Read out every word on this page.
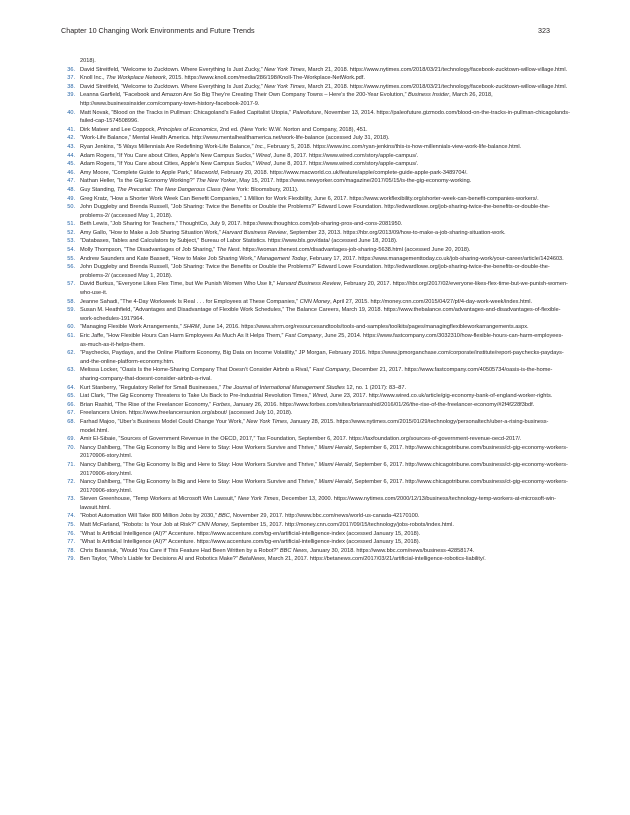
Chapter 10 Changing Work Environments and Future Trends	323
2018).
36. David Streitfeld, “Welcome to Zucktown. Where Everything Is Just Zucky,” New York Times, March 21, 2018. https://www.nytimes.com/2018/03/21/technology/facebook-zucktown-willow-village.html.
37. Knoll Inc., The Workplace Network, 2015. https://www.knoll.com/media/286/198/Knoll-The-Workplace-NetWork.pdf.
38. David Streitfeld, “Welcome to Zucktown. Where Everything Is Just Zucky,” New York Times, March 21, 2018. https://www.nytimes.com/2018/03/21/technology/facebook-zucktown-willow-village.html.
39. Leanna Garfield, “Facebook and Amazon Are So Big They’re Creating Their Own Company Towns – Here’s the 200-Year Evolution,” Business Insider, March 26, 2018, http://www.businessinsider.com/company-town-history-facebook-2017-9.
40. Matt Novak, “Blood on the Tracks in Pullman: Chicagoland’s Failed Capitalist Utopia,” Paleofuture, November 13, 2014. https://paleofuture.gizmodo.com/blood-on-the-tracks-in-pullman-chicagolands-failed-cap-1574508996.
41. Dirk Mateer and Lee Coppock, Principles of Economics, 2nd ed. (New York: W.W. Norton and Company, 2018), 451.
42. “Work-Life Balance,” Mental Health America. http://www.mentalhealthamerica.net/work-life-balance (accessed July 31, 2018).
43. Ryan Jenkins, “5 Ways Millennials Are Redefining Work-Life Balance,” Inc., February 5, 2018. https://www.inc.com/ryan-jenkins/this-is-how-millennials-view-work-life-balance.html.
44. Adam Rogers, “If You Care about Cities, Apple’s New Campus Sucks,” Wired, June 8, 2017. https://www.wired.com/story/apple-campus/.
45. Adam Rogers, “If You Care about Cities, Apple’s New Campus Sucks,” Wired, June 8, 2017. https://www.wired.com/story/apple-campus/.
46. Amy Moore, “Complete Guide to Apple Park,” Macworld, February 20, 2018. https://www.macworld.co.uk/feature/apple/complete-guide-apple-park-3489704/.
47. Nathan Heller, “Is the Gig Economy Working?” The New Yorker, May 15, 2017. https://www.newyorker.com/magazine/2017/05/15/is-the-gig-economy-working.
48. Guy Standing, The Precariat: The New Dangerous Class (New York: Bloomsbury, 2011).
49. Greg Kratz, “How a Shorter Work Week Can Benefit Companies,” 1 Million for Work Flexibility, June 6, 2017. https://www.workflexibility.org/shorter-week-can-benefit-companies-workers/.
50. John Duggleby and Brenda Russell, “Job Sharing: Twice the Benefits or Double the Problems?” Edward Lowe Foundation. http://edwardlowe.org/job-sharing-twice-the-benefits-or-double-the-problems-2/ (accessed May 1, 2018).
51. Beth Lewis, “Job Sharing for Teachers,” ThoughtCo, July 9, 2017. https://www.thoughtco.com/job-sharing-pros-and-cons-2081950.
52. Amy Gallo, “How to Make a Job Sharing Situation Work,” Harvard Business Review, September 23, 2013. https://hbr.org/2013/09/how-to-make-a-job-sharing-situation-work.
53. “Databases, Tables and Calculators by Subject,” Bureau of Labor Statistics. https://www.bls.gov/data/ (accessed June 18, 2018).
54. Molly Thompson, “The Disadvantages of Job Sharing,” The Nest. https://woman.thenest.com/disadvantages-job-sharing-5638.html (accessed June 20, 2018).
55. Andrew Saunders and Kate Bassett, “How to Make Job Sharing Work,” Management Today, February 17, 2017. https://www.managementtoday.co.uk/job-sharing-work/your-career/article/1424603.
56. John Duggleby and Brenda Russell, “Job Sharing: Twice the Benefits or Double the Problems?” Edward Lowe Foundation. http://edwardlowe.org/job-sharing-twice-the-benefits-or-double-the-problems-2/ (accessed May 1, 2018).
57. David Burkus, “Everyone Likes Flex Time, but We Punish Women Who Use It,” Harvard Business Review, February 20, 2017. https://hbr.org/2017/02/everyone-likes-flex-time-but-we-punish-women-who-use-it.
58. Jeanne Sahadi, “The 4-Day Workweek Is Real . . . for Employees at These Companies,” CNN Money, April 27, 2015. http://money.cnn.com/2015/04/27/pf/4-day-work-week/index.html.
59. Susan M. Heathfield, “Advantages and Disadvantage of Flexible Work Schedules,” The Balance Careers, March 19, 2018. https://www.thebalance.com/advantages-and-disadvantages-of-flexible-work-schedules-1917964.
60. “Managing Flexible Work Arrangements,” SHRM, June 14, 2016. https://www.shrm.org/resourcesandtools/tools-and-samples/toolkits/pages/managingflexibleworkarrangements.aspx.
61. Eric Jaffe, “How Flexible Hours Can Harm Employees As Much As It Helps Them,” Fast Company, June 25, 2014. https://www.fastcompany.com/3032310/how-flexible-hours-can-harm-employees-as-much-as-it-helps-them.
62. “Paychecks, Paydays, and the Online Platform Economy, Big Data on Income Volatility,” JP Morgan, February 2016. https://www.jpmorganchase.com/corporate/institute/report-paychecks-paydays-and-the-online-platform-economy.htm.
63. Melissa Locker, “Oasis Is the Home-Sharing Company That Doesn’t Consider Airbnb a Rival,” Fast Company, December 21, 2017. https://www.fastcompany.com/40505734/oasis-is-the-home-sharing-company-that-doesnt-consider-airbnb-a-rival.
64. Kurt Stanberry, “Regulatory Relief for Small Businesses,” The Journal of International Management Studies 12, no. 1 (2017): 83–87.
65. Liat Clark, “The Gig Economy Threatens to Take Us Back to Pre-Industrial Revolution Times,” Wired, June 23, 2017. http://www.wired.co.uk/article/gig-economy-bank-of-england-worker-rights.
66. Brian Rashid, “The Rise of the Freelancer Economy,” Forbes, January 26, 2016. https://www.forbes.com/sites/brianrashid/2016/01/26/the-rise-of-the-freelancer-economy/#2f4f228f3bdf.
67. Freelancers Union. https://www.freelancersunion.org/about/ (accessed July 10, 2018).
68. Farhad Majoo, “Uber’s Business Model Could Change Your Work,” New York Times, January 28, 2015. https://www.nytimes.com/2015/01/29/technology/personaltech/uber-a-rising-business-model.html.
69. Amir El-Sibaie, “Sources of Government Revenue in the OECD, 2017,” Tax Foundation, September 6, 2017. https://taxfoundation.org/sources-of-government-revenue-oecd-2017/.
70. Nancy Dahlberg, “The Gig Economy Is Big and Here to Stay: How Workers Survive and Thrive,” Miami Herald, September 6, 2017. http://www.chicagotribune.com/business/ct-gig-economy-workers-20170906-story.html.
71. Nancy Dahlberg, “The Gig Economy Is Big and Here to Stay: How Workers Survive and Thrive,” Miami Herald, September 6, 2017. http://www.chicagotribune.com/business/ct-gig-economy-workers-20170906-story.html.
72. Nancy Dahlberg, “The Gig Economy Is Big and Here to Stay: How Workers Survive and Thrive,” Miami Herald, September 6, 2017. http://www.chicagotribune.com/business/ct-gig-economy-workers-20170906-story.html.
73. Steven Greenhouse, “Temp Workers at Microsoft Win Lawsuit,” New York Times, December 13, 2000. https://www.nytimes.com/2000/12/13/business/technology-temp-workers-at-microsoft-win-lawsuit.html.
74. “Robot Automation Will Take 800 Million Jobs by 2030,” BBC, November 29, 2017. http://www.bbc.com/news/world-us-canada-42170100.
75. Matt McFarland, “Robots: Is Your Job at Risk?” CNN Money, September 15, 2017. http://money.cnn.com/2017/09/15/technology/jobs-robots/index.html.
76. “What Is Artificial Intelligence (AI)?” Accenture. https://www.accenture.com/bg-en/artificial-intelligence-index (accessed January 15, 2018).
77. “What Is Artificial Intelligence (AI)?” Accenture. https://www.accenture.com/bg-en/artificial-intelligence-index (accessed January 15, 2018).
78. Chris Baraniuk, “Would You Care if This Feature Had Been Written by a Robot?” BBC News, January 30, 2018. https://www.bbc.com/news/business-42858174.
79. Ben Taylor, “Who’s Liable for Decisions AI and Robotics Make?” BetaNews, March 21, 2017. https://betanews.com/2017/03/21/artificial-intelligence-robotics-liability/.
